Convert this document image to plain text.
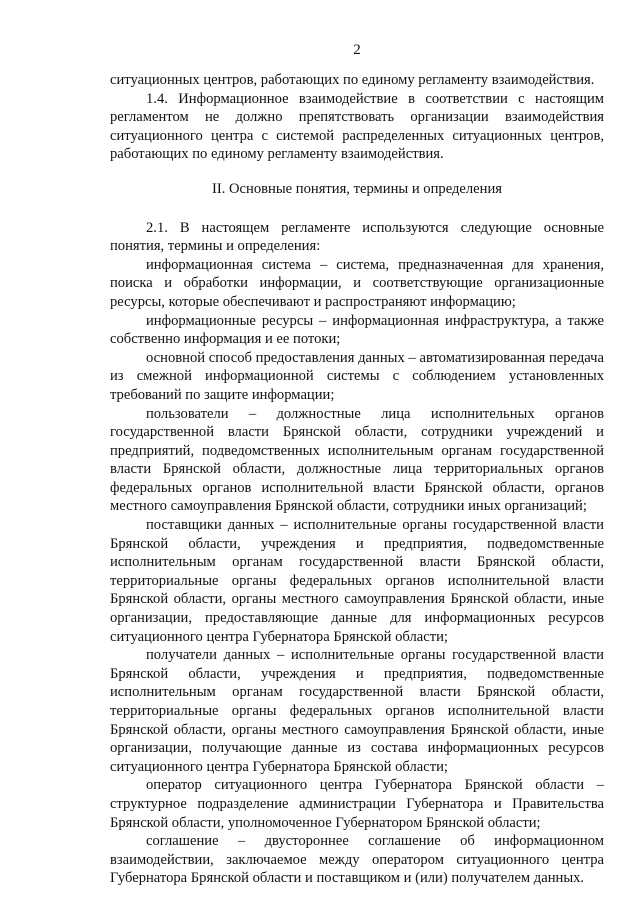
2

ситуационных центров, работающих по единому регламенту взаимодействия.

1.4. Информационное взаимодействие в соответствии с настоящим регламентом не должно препятствовать организации взаимодействия ситуационного центра с системой распределенных ситуационных центров, работающих по единому регламенту взаимодействия.

II. Основные понятия, термины и определения

2.1. В настоящем регламенте используются следующие основные понятия, термины и определения:

информационная система – система, предназначенная для хранения, поиска и обработки информации, и соответствующие организационные ресурсы, которые обеспечивают и распространяют информацию;

информационные ресурсы – информационная инфраструктура, а также собственно информация и ее потоки;

основной способ предоставления данных – автоматизированная передача из смежной информационной системы с соблюдением установленных требований по защите информации;

пользователи – должностные лица исполнительных органов государственной власти Брянской области, сотрудники учреждений и предприятий, подведомственных исполнительным органам государственной власти Брянской области, должностные лица территориальных органов федеральных органов исполнительной власти Брянской области, органов местного самоуправления Брянской области, сотрудники иных организаций;

поставщики данных – исполнительные органы государственной власти Брянской области, учреждения и предприятия, подведомственные исполнительным органам государственной власти Брянской области, территориальные органы федеральных органов исполнительной власти Брянской области, органы местного самоуправления Брянской области, иные организации, предоставляющие данные для информационных ресурсов ситуационного центра Губернатора Брянской области;

получатели данных – исполнительные органы государственной власти Брянской области, учреждения и предприятия, подведомственные исполнительным органам государственной власти Брянской области, территориальные органы федеральных органов исполнительной власти Брянской области, органы местного самоуправления Брянской области, иные организации, получающие данные из состава информационных ресурсов ситуационного центра Губернатора Брянской области;

оператор ситуационного центра Губернатора Брянской области – структурное подразделение администрации Губернатора и Правительства Брянской области, уполномоченное Губернатором Брянской области;

соглашение – двустороннее соглашение об информационном взаимодействии, заключаемое между оператором ситуационного центра Губернатора Брянской области и поставщиком и (или) получателем данных.
